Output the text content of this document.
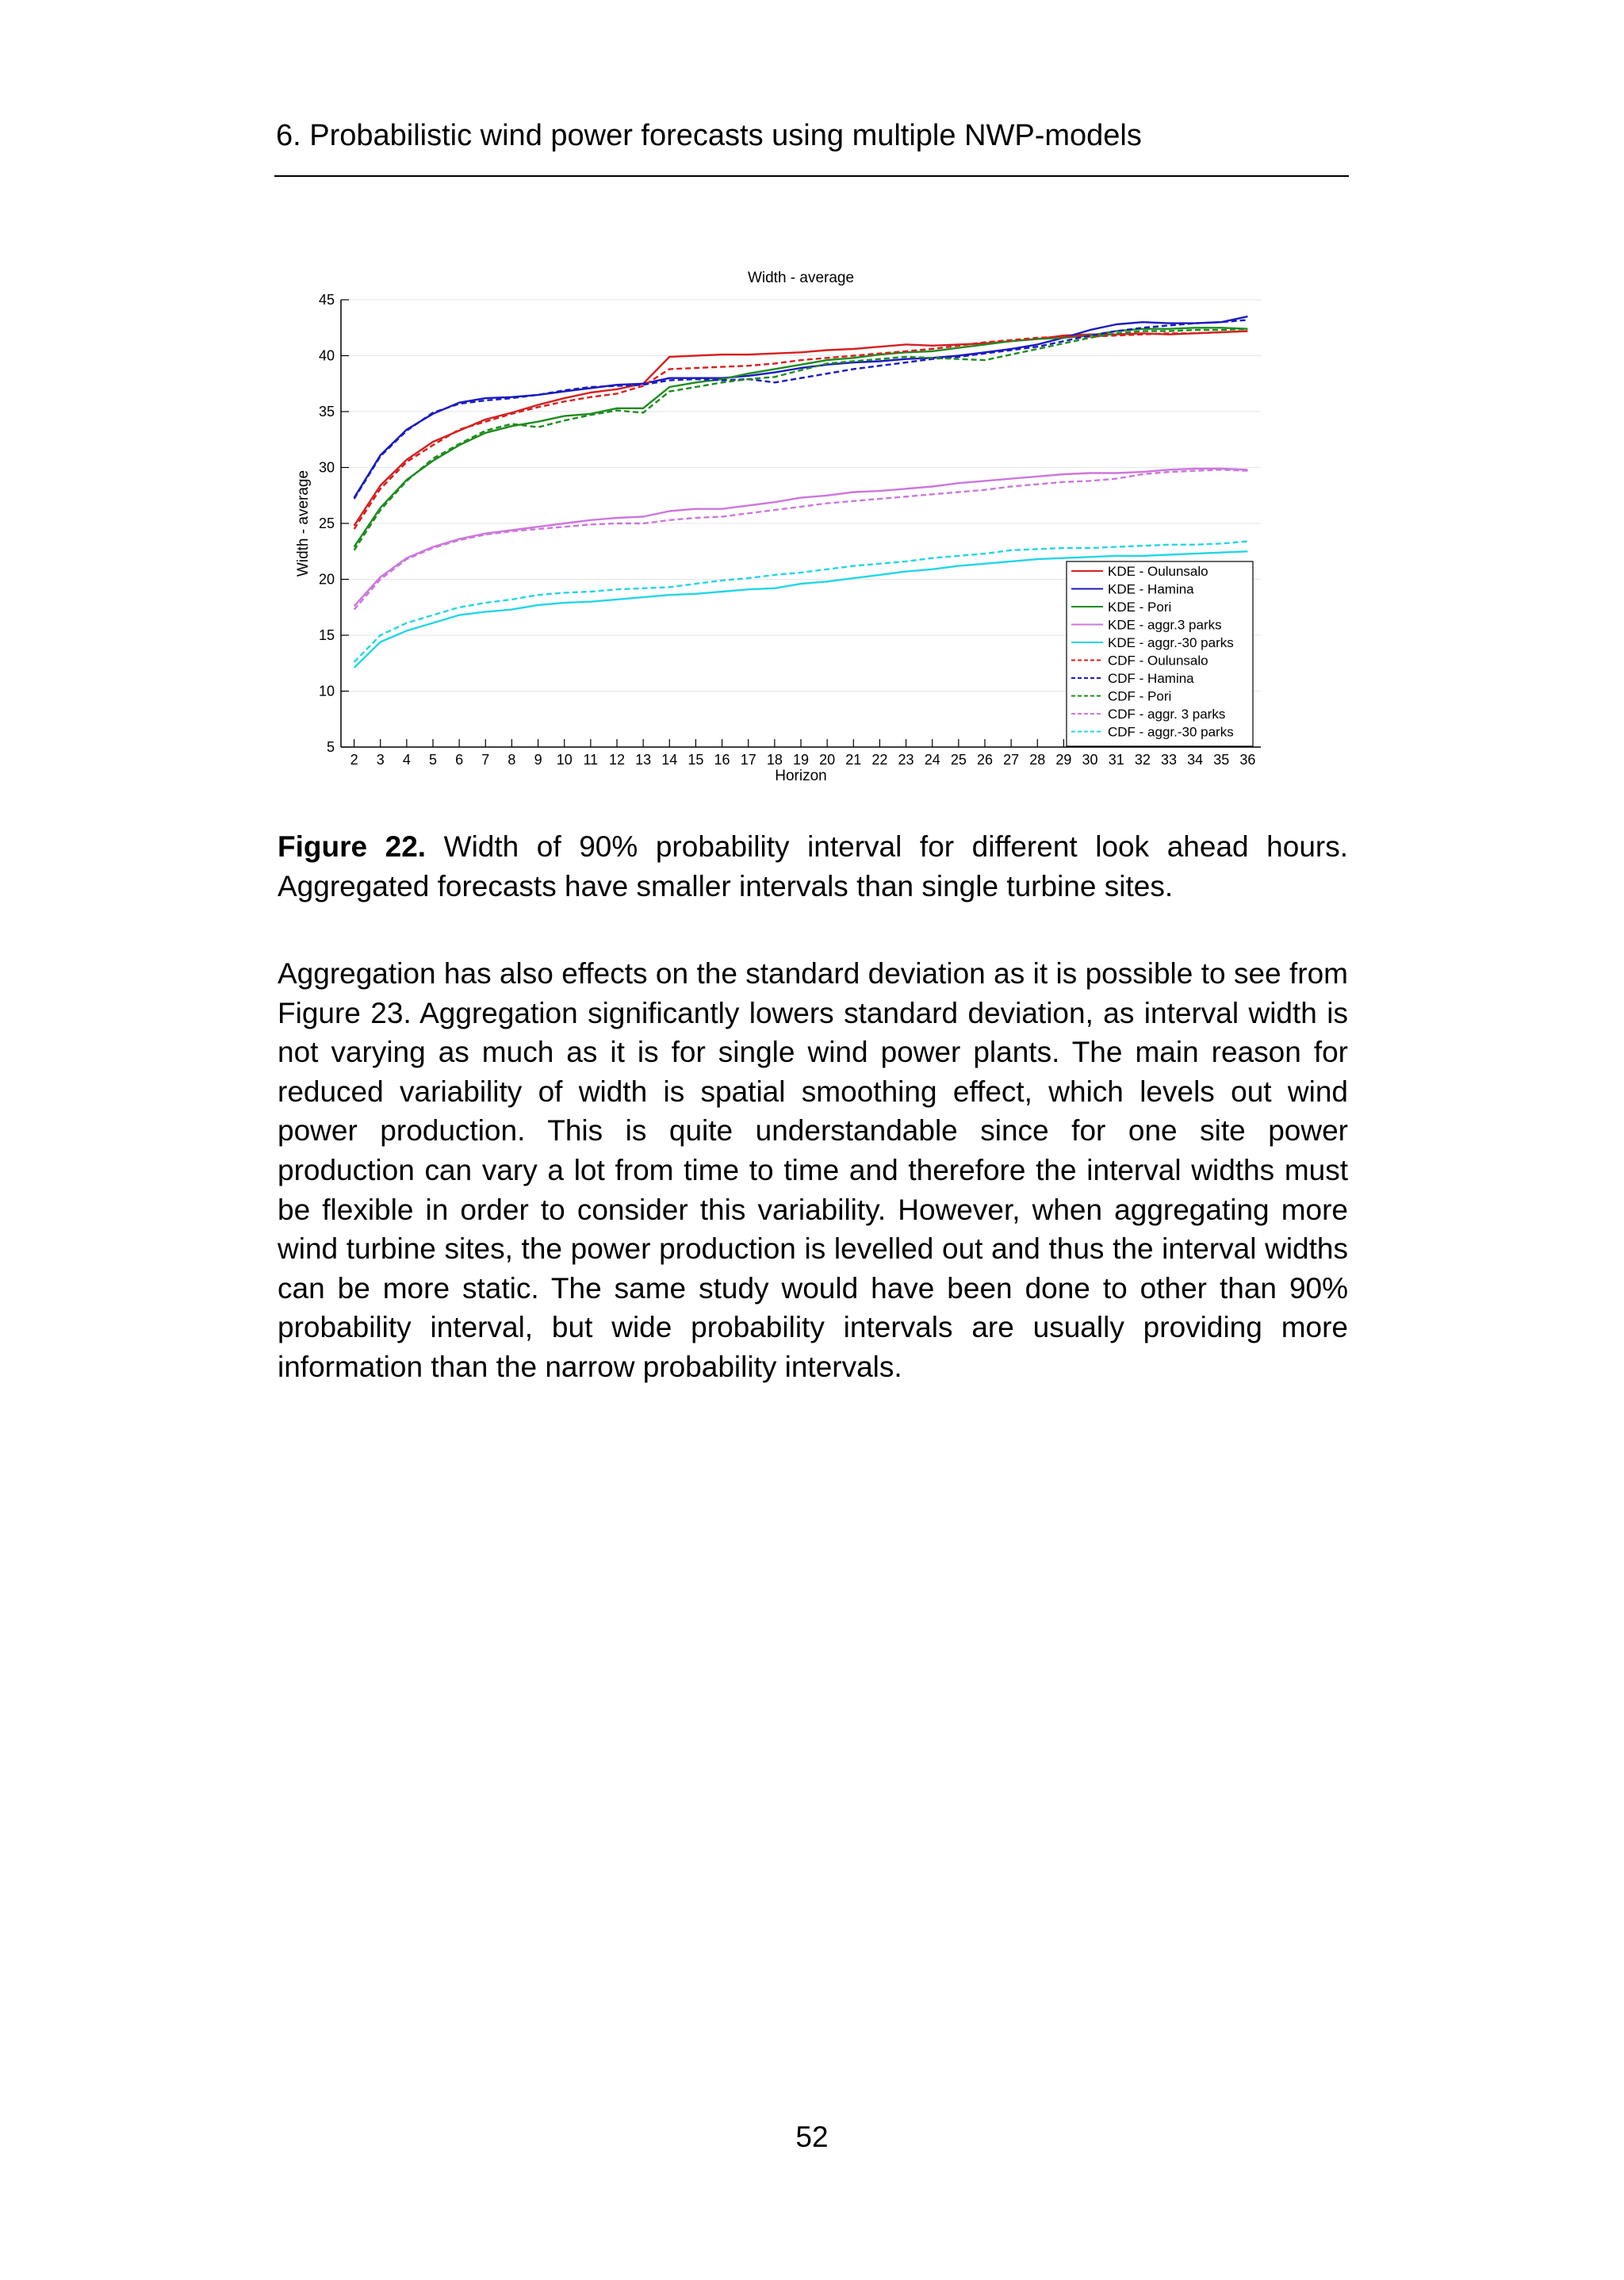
6. Probabilistic wind power forecasts using multiple NWP-models
5
10
15
20
25
30
35
40
45
2 3 4 5 6 7 8 9 10 11 12 13 14 15 16 17 18 19 20 21 22 23 24 25 26 27 28 29 30 31 32 33 34 35 36
Width - average
Horizon
Width - average	KDE - Oulunsalo
KDE - Hamina
KDE - Pori
KDE - aggr.3 parks
KDE - aggr.-30 parks
CDF - Oulunsalo
CDF - Hamina
CDF - Pori
CDF - aggr. 3 parks
CDF - aggr.-30 parks
Figure 22. Width of 90% probability interval for different look ahead hours. Aggregated forecasts have smaller intervals than single turbine sites.
Aggregation has also effects on the standard deviation as it is possible to see from Figure 23. Aggregation significantly lowers standard deviation, as interval width is not varying as much as it is for single wind power plants. The main reason for reduced variability of width is spatial smoothing effect, which levels out wind power production. This is quite understandable since for one site power production can vary a lot from time to time and therefore the interval widths must be flexible in order to consider this variability. However, when aggregating more wind turbine sites, the power production is levelled out and thus the interval widths can be more static. The same study would have been done to other than 90% probability interval, but wide probability intervals are usually providing more information than the narrow probability intervals.
52
